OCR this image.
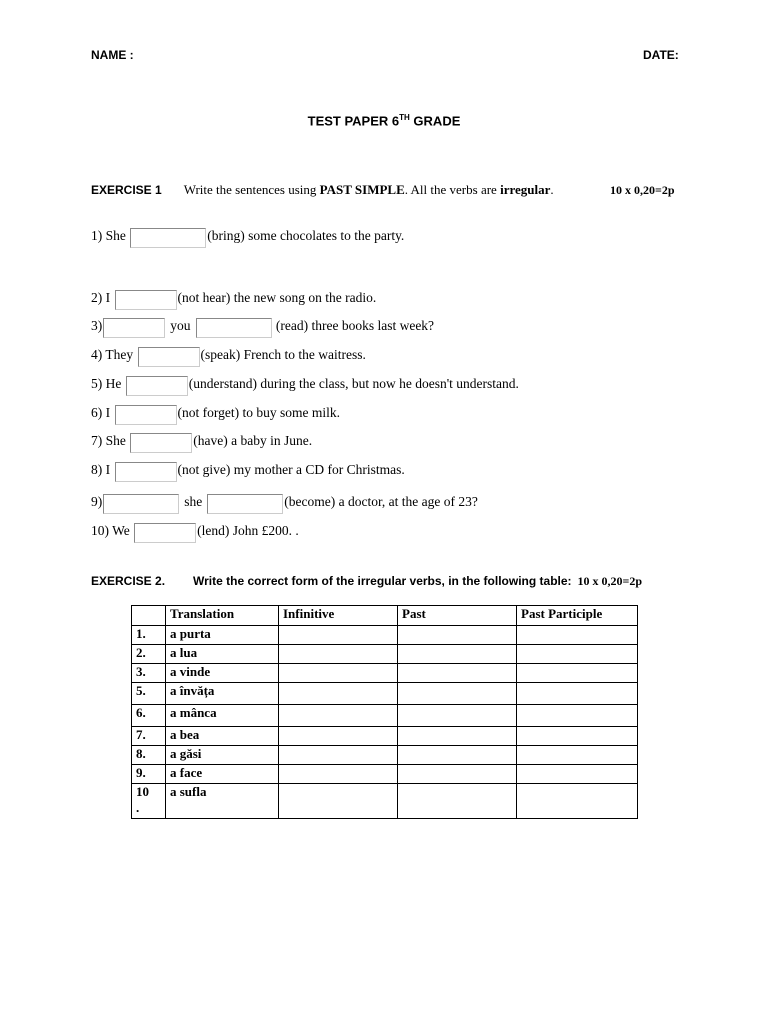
NAME :	DATE:
TEST PAPER 6TH GRADE
EXERCISE 1 Write the sentences using PAST SIMPLE. All the verbs are irregular.	10 x 0,20=2p
1) She	(bring) some chocolates to the party.
2) I	(not hear) the new song on the radio.
3)	you	(read) three books last week?
4) They	(speak) French to the waitress.
5) He	(understand) during the class, but now he doesn't understand.
6) I	(not forget) to buy some milk.
7) She	(have) a baby in June.
8) I	(not give) my mother a CD for Christmas.
9)	she	(become) a doctor, at the age of 23?
10) We	(lend) John £200. .
EXERCISE 2. Write the correct form of the irregular verbs, in the following table: 10 x 0,20=2p
	Translation	Infinitive	Past	Past Participle
1.	a purta			
2.	a lua			
3.	a vinde			
5.	a învăța			
6.	a mânca			
7.	a bea			
8.	a găsi			
9.	a face			
10
.	a sufla			
